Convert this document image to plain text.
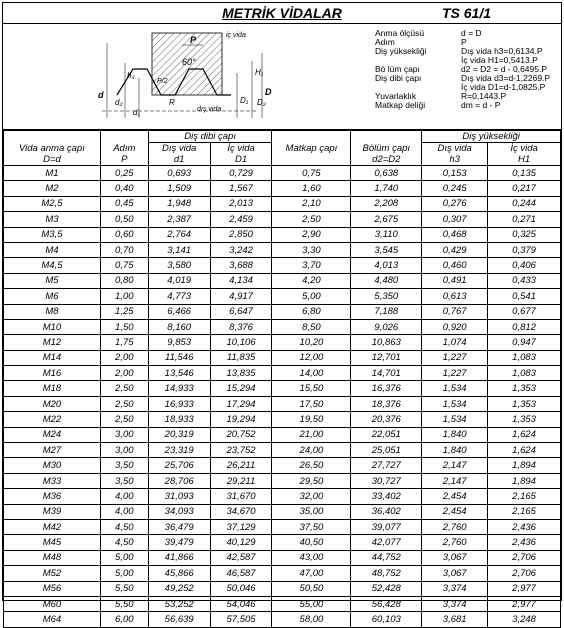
METRİK VİDALAR	TS 61/1
P
60°
iç vida
dış vida
P/2
R
d
d₂
d₁
h₃	H₁
D₁ D₂
D
Anma ölçüsü	d = D
Adım	P
Diş yüksekliği	Dış vida h3=0,6134.P
İç vida H1=0,5413.P
Bö lüm çapı	d2 = D2 = d - 0,6495.P
Diş dibi çapı	Dış vida d3=d-1,2269.P
İç vida D1=d-1,0825.P
Yuvarlaklık	R=0,1443.P
Matkap deliği	dm = d - P
		Diş dibi çapı				Diş yüksekliği	
Vida anma çapı	Adım	Dış vida	İç vida	Matkap çapı	Bölüm çapı	Dış vida	İç vida
D=d	P	d1	D1		d2=D2	h3	H1
M1	0,25	0,693	0,729	0,75	0,638	0,153	0,135
M2	0,40	1,509	1,567	1,60	1,740	0,245	0,217
M2,5	0,45	1,948	2,013	2,10	2,208	0,276	0,244
M3	0,50	2,387	2,459	2,50	2,675	0,307	0,271
M3,5	0,60	2,764	2,850	2,90	3,110	0,468	0,325
M4	0,70	3,141	3,242	3,30	3,545	0,429	0,379
M4,5	0,75	3,580	3,688	3,70	4,013	0,460	0,406
M5	0,80	4,019	4,134	4,20	4,480	0,491	0,433
M6	1,00	4,773	4,917	5,00	5,350	0,613	0,541
M8	1,25	6,466	6,647	6,80	7,188	0,767	0,677
M10	1,50	8,160	8,376	8,50	9,026	0,920	0,812
M12	1,75	9,853	10,106	10,20	10,863	1,074	0,947
M14	2,00	11,546	11,835	12,00	12,701	1,227	1,083
M16	2,00	13,546	13,835	14,00	14,701	1,227	1,083
M18	2,50	14,933	15,294	15,50	16,376	1,534	1,353
M20	2,50	16,933	17,294	17,50	18,376	1,534	1,353
M22	2,50	18,933	19,294	19,50	20,376	1,534	1,353
M24	3,00	20,319	20,752	21,00	22,051	1,840	1,624
M27	3,00	23,319	23,752	24,00	25,051	1,840	1,624
M30	3,50	25,706	26,211	26,50	27,727	2,147	1,894
M33	3,50	28,706	29,211	29,50	30,727	2,147	1,894
M36	4,00	31,093	31,670	32,00	33,402	2,454	2,165
M39	4,00	34,093	34,670	35,00	36,402	2,454	2,165
M42	4,50	36,479	37,129	37,50	39,077	2,760	2,436
M45	4,50	39,479	40,129	40,50	42,077	2,760	2,436
M48	5,00	41,866	42,587	43,00	44,752	3,067	2,706
M52	5,00	45,866	46,587	47,00	48,752	3,067	2,706
M56	5,50	49,252	50,046	50,50	52,428	3,374	2,977
M60	5,50	53,252	54,046	55,00	56,428	3,374	2,977
M64	6,00	56,639	57,505	58,00	60,103	3,681	3,248
